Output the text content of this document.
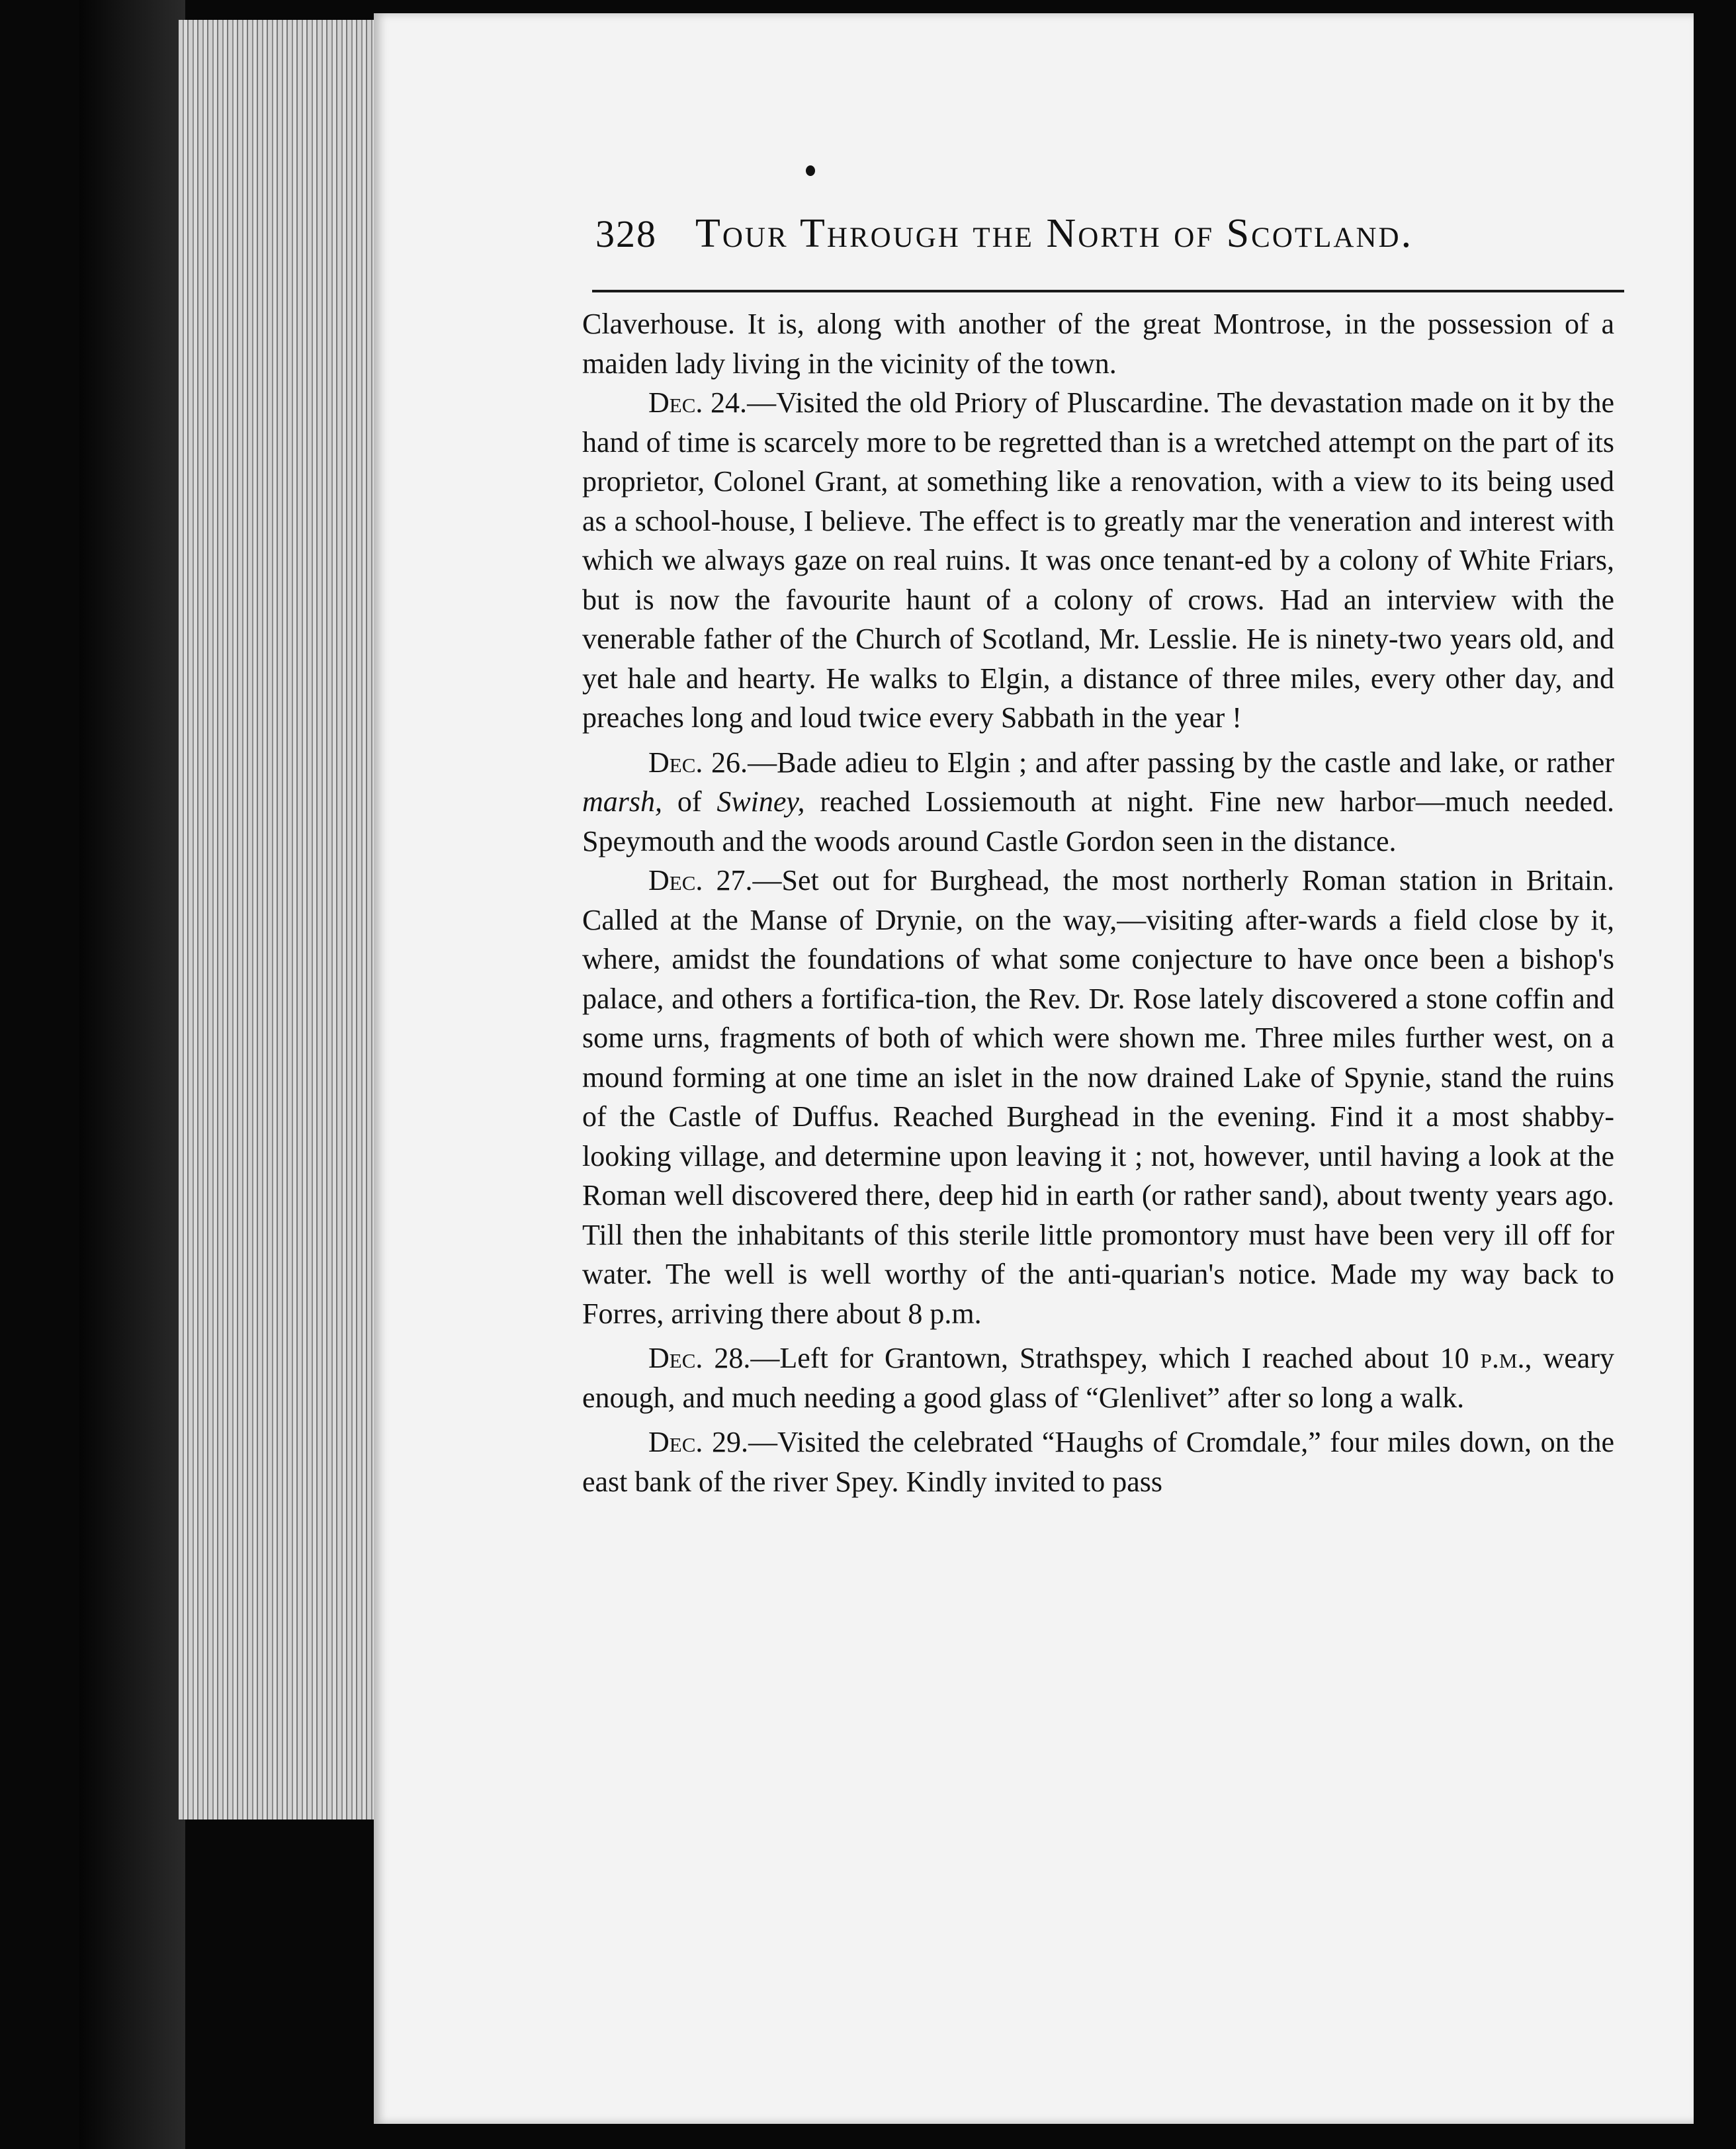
328 Tour Through the North of Scotland.

Claverhouse. It is, along with another of the great Montrose, in the possession of a maiden lady living in the vicinity of the town.

Dec. 24.—Visited the old Priory of Pluscardine. The devastation made on it by the hand of time is scarcely more to be regretted than is a wretched attempt on the part of its proprietor, Colonel Grant, at something like a renovation, with a view to its being used as a school-house, I believe. The effect is to greatly mar the veneration and interest with which we always gaze on real ruins. It was once tenant-ed by a colony of White Friars, but is now the favourite haunt of a colony of crows. Had an interview with the venerable father of the Church of Scotland, Mr. Lesslie. He is ninety-two years old, and yet hale and hearty. He walks to Elgin, a distance of three miles, every other day, and preaches long and loud twice every Sabbath in the year !

Dec. 26.—Bade adieu to Elgin ; and after passing by the castle and lake, or rather marsh, of Swiney, reached Lossiemouth at night. Fine new harbor—much needed. Speymouth and the woods around Castle Gordon seen in the distance.

Dec. 27.—Set out for Burghead, the most northerly Roman station in Britain. Called at the Manse of Drynie, on the way,—visiting after-wards a field close by it, where, amidst the foundations of what some conjecture to have once been a bishop's palace, and others a fortifica-tion, the Rev. Dr. Rose lately discovered a stone coffin and some urns, fragments of both of which were shown me. Three miles further west, on a mound forming at one time an islet in the now drained Lake of Spynie, stand the ruins of the Castle of Duffus. Reached Burghead in the evening. Find it a most shabby-looking village, and determine upon leaving it ; not, however, until having a look at the Roman well discovered there, deep hid in earth (or rather sand), about twenty years ago. Till then the inhabitants of this sterile little promontory must have been very ill off for water. The well is well worthy of the anti-quarian's notice. Made my way back to Forres, arriving there about 8 p.m.

Dec. 28.—Left for Grantown, Strathspey, which I reached about 10 p.m., weary enough, and much needing a good glass of “Glenlivet” after so long a walk.

Dec. 29.—Visited the celebrated “Haughs of Cromdale,” four miles down, on the east bank of the river Spey. Kindly invited to pass
